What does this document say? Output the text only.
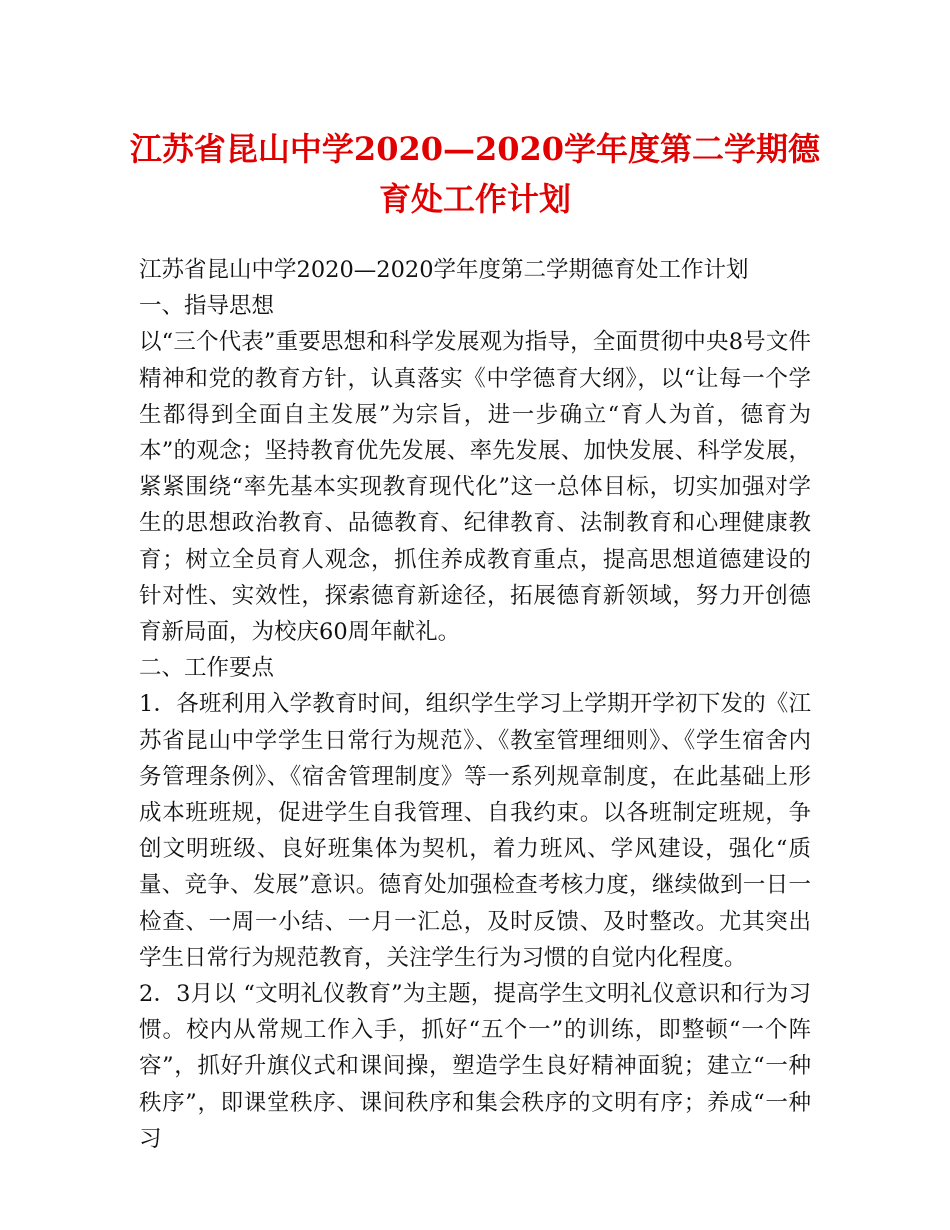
江苏省昆山中学2020—2020学年度第二学期德育处工作计划

江苏省昆山中学2020—2020学年度第二学期德育处工作计划

一、指导思想

以“三个代表”重要思想和科学发展观为指导，全面贯彻中央8号文件精神和党的教育方针，认真落实《中学德育大纲》，以“让每一个学生都得到全面自主发展”为宗旨，进一步确立“育人为首，德育为本”的观念；坚持教育优先发展、率先发展、加快发展、科学发展，紧紧围绕“率先基本实现教育现代化”这一总体目标，切实加强对学生的思想政治教育、品德教育、纪律教育、法制教育和心理健康教育；树立全员育人观念，抓住养成教育重点，提高思想道德建设的针对性、实效性，探索德育新途径，拓展德育新领域，努力开创德育新局面，为校庆60周年献礼。

二、工作要点

1．各班利用入学教育时间，组织学生学习上学期开学初下发的《江苏省昆山中学学生日常行为规范》、《教室管理细则》、《学生宿舍内务管理条例》、《宿舍管理制度》等一系列规章制度，在此基础上形成本班班规，促进学生自我管理、自我约束。以各班制定班规，争创文明班级、良好班集体为契机，着力班风、学风建设，强化“质量、竞争、发展”意识。德育处加强检查考核力度，继续做到一日一检查、一周一小结、一月一汇总，及时反馈、及时整改。尤其突出学生日常行为规范教育，关注学生行为习惯的自觉内化程度。

2．3月以 “文明礼仪教育”为主题，提高学生文明礼仪意识和行为习惯。校内从常规工作入手，抓好“五个一”的训练，即整顿“一个阵容”，抓好升旗仪式和课间操，塑造学生良好精神面貌；建立“一种秩序”，即课堂秩序、课间秩序和集会秩序的文明有序；养成“一种习
